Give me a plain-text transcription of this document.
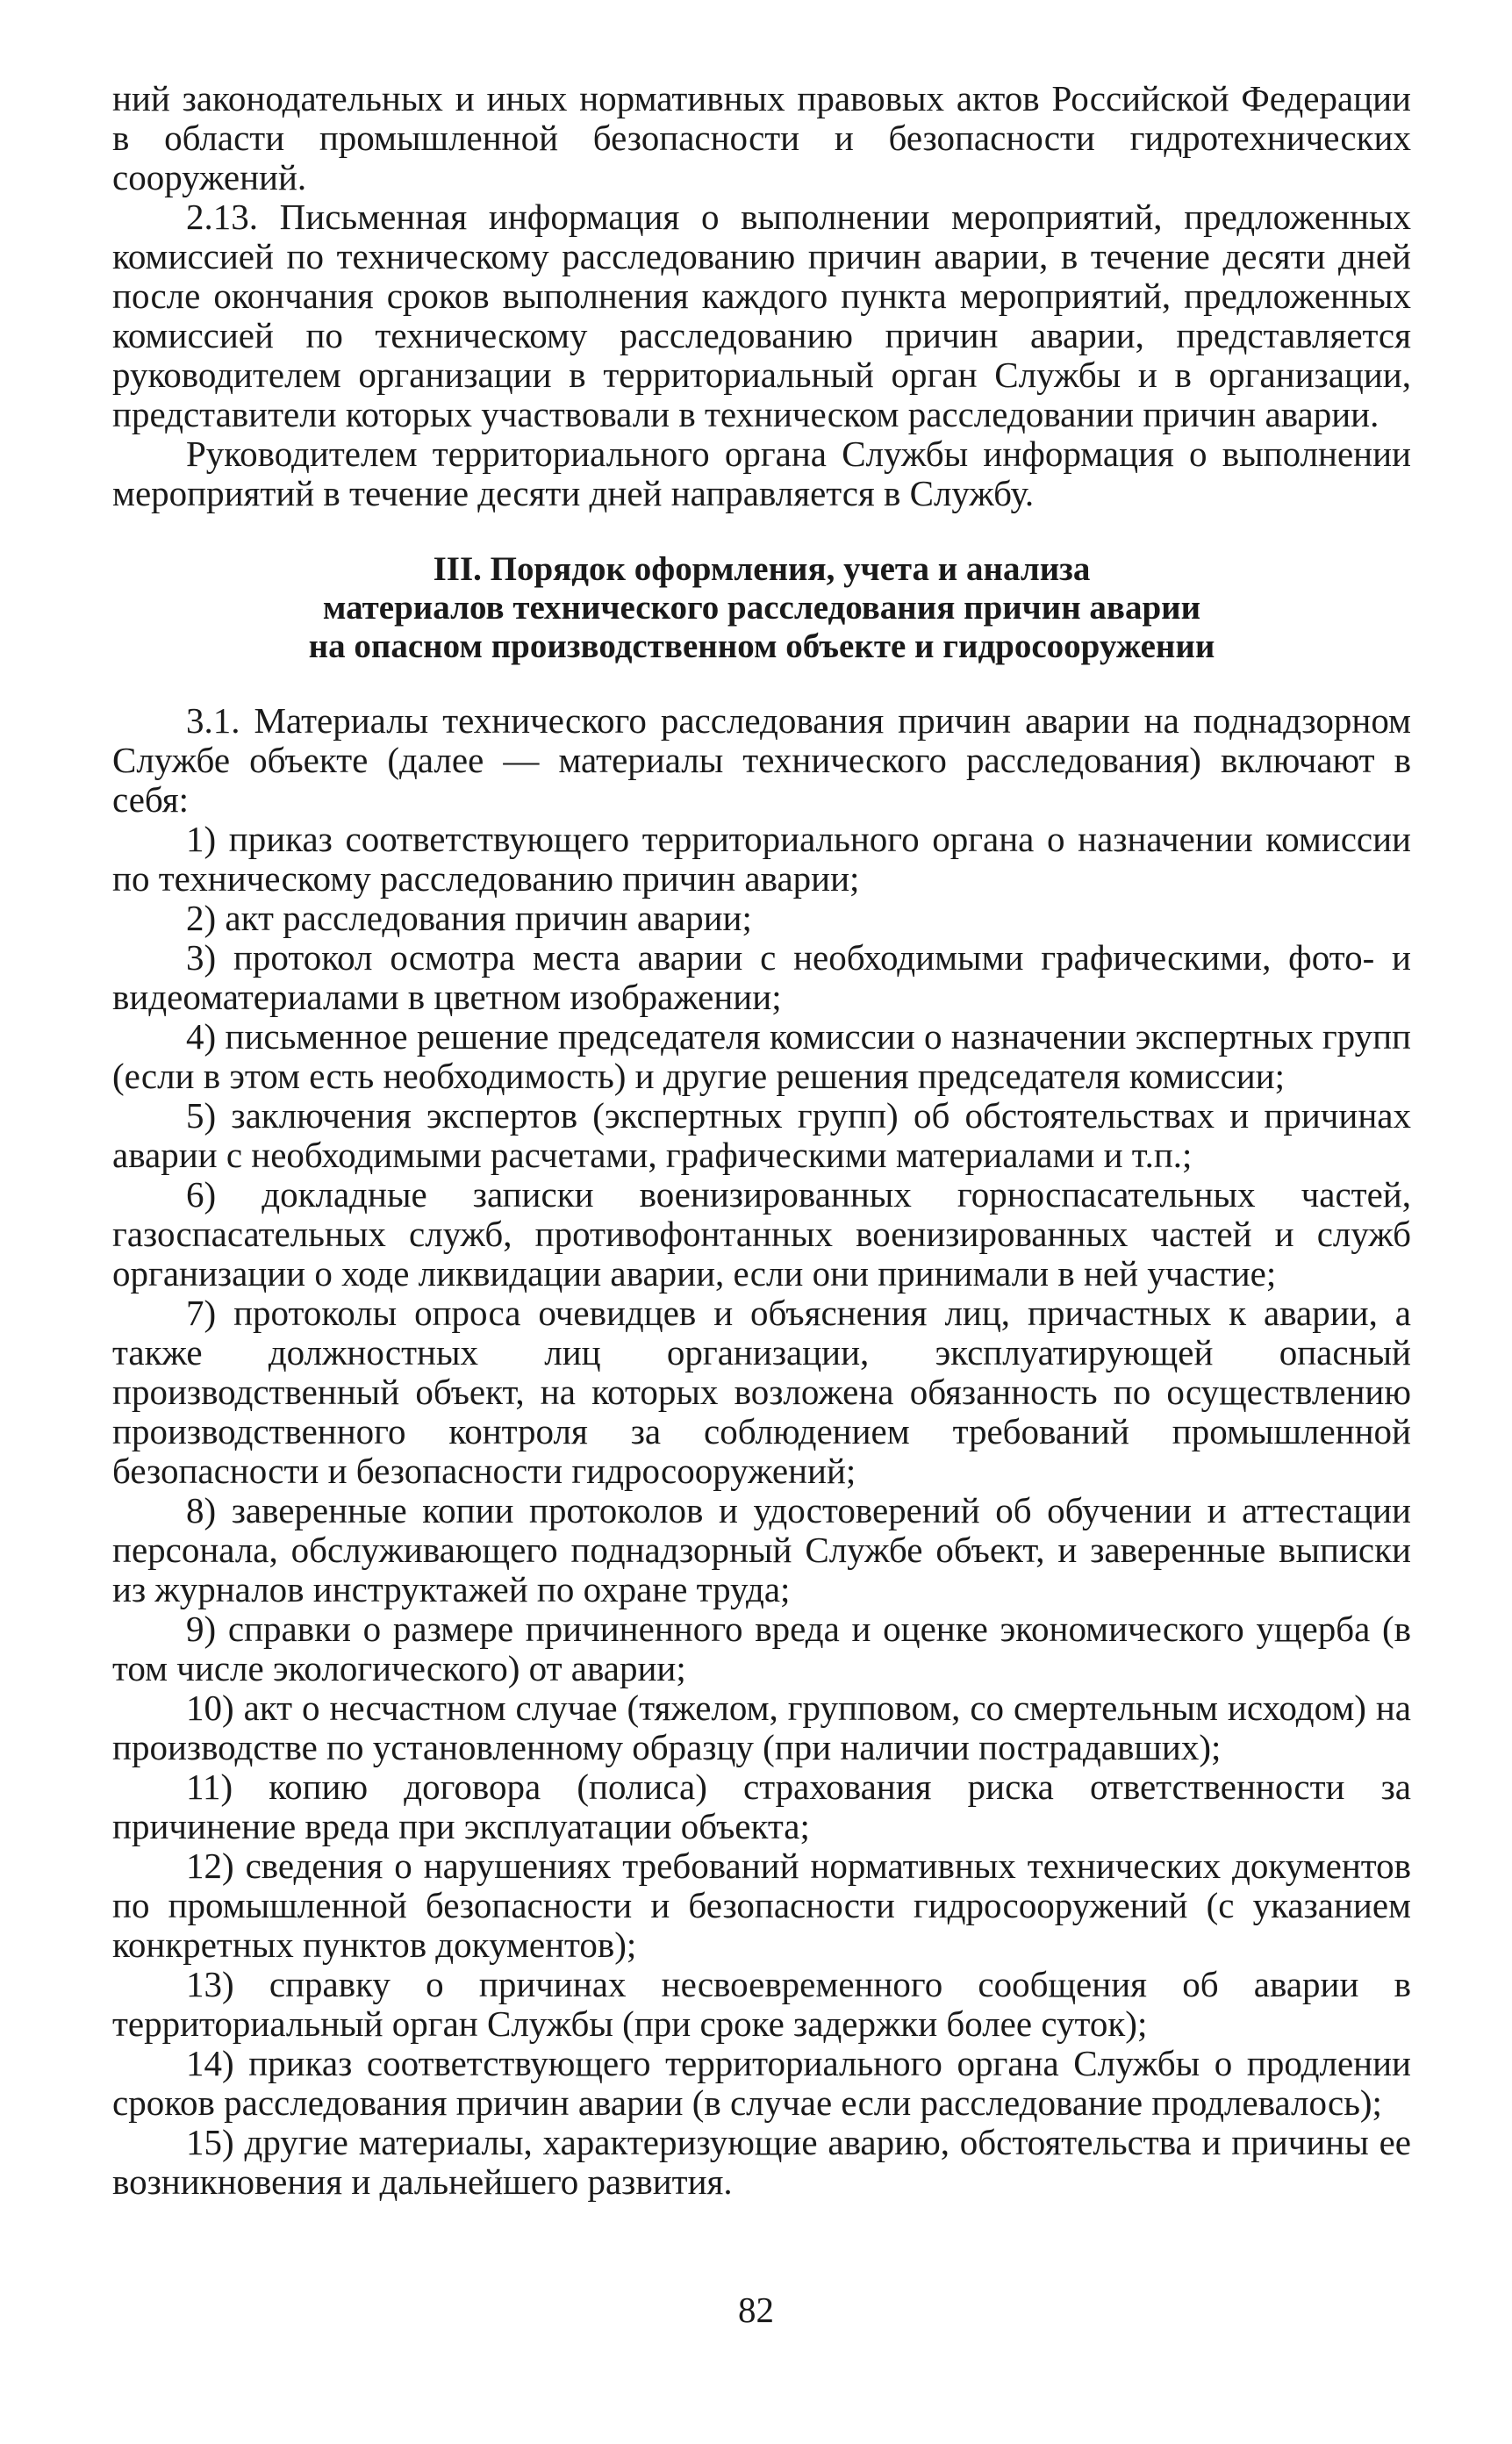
ний законодательных и иных нормативных правовых актов Российской Федерации в области промышленной безопасности и безопасности гидротехнических сооружений.

2.13. Письменная информация о выполнении мероприятий, предложенных комиссией по техническому расследованию причин аварии, в течение десяти дней после окончания сроков выполнения каждого пункта мероприятий, предложенных комиссией по техническому расследованию причин аварии, представляется руководителем организации в территориальный орган Службы и в организации, представители которых участвовали в техническом расследовании причин аварии.

Руководителем территориального органа Службы информация о выполнении мероприятий в течение десяти дней направляется в Службу.

III. Порядок оформления, учета и анализа
материалов технического расследования причин аварии
на опасном производственном объекте и гидросооружении

3.1. Материалы технического расследования причин аварии на поднадзорном Службе объекте (далее — материалы технического расследования) включают в себя:

1) приказ соответствующего территориального органа о назначении комиссии по техническому расследованию причин аварии;

2) акт расследования причин аварии;

3) протокол осмотра места аварии с необходимыми графическими, фото- и видеоматериалами в цветном изображении;

4) письменное решение председателя комиссии о назначении экспертных групп (если в этом есть необходимость) и другие решения председателя комиссии;

5) заключения экспертов (экспертных групп) об обстоятельствах и причинах аварии с необходимыми расчетами, графическими материалами и т.п.;

6) докладные записки военизированных горноспасательных частей, газоспасательных служб, противофонтанных военизированных частей и служб организации о ходе ликвидации аварии, если они принимали в ней участие;

7) протоколы опроса очевидцев и объяснения лиц, причастных к аварии, а также должностных лиц организации, эксплуатирующей опасный производственный объект, на которых возложена обязанность по осуществлению производственного контроля за соблюдением требований промышленной безопасности и безопасности гидросооружений;

8) заверенные копии протоколов и удостоверений об обучении и аттестации персонала, обслуживающего поднадзорный Службе объект, и заверенные выписки из журналов инструктажей по охране труда;

9) справки о размере причиненного вреда и оценке экономического ущерба (в том числе экологического) от аварии;

10) акт о несчастном случае (тяжелом, групповом, со смертельным исходом) на производстве по установленному образцу (при наличии пострадавших);

11) копию договора (полиса) страхования риска ответственности за причинение вреда при эксплуатации объекта;

12) сведения о нарушениях требований нормативных технических документов по промышленной безопасности и безопасности гидросооружений (с указанием конкретных пунктов документов);

13) справку о причинах несвоевременного сообщения об аварии в территориальный орган Службы (при сроке задержки более суток);

14) приказ соответствующего территориального органа Службы о продлении сроков расследования причин аварии (в случае если расследование продлевалось);

15) другие материалы, характеризующие аварию, обстоятельства и причины ее возникновения и дальнейшего развития.

82
